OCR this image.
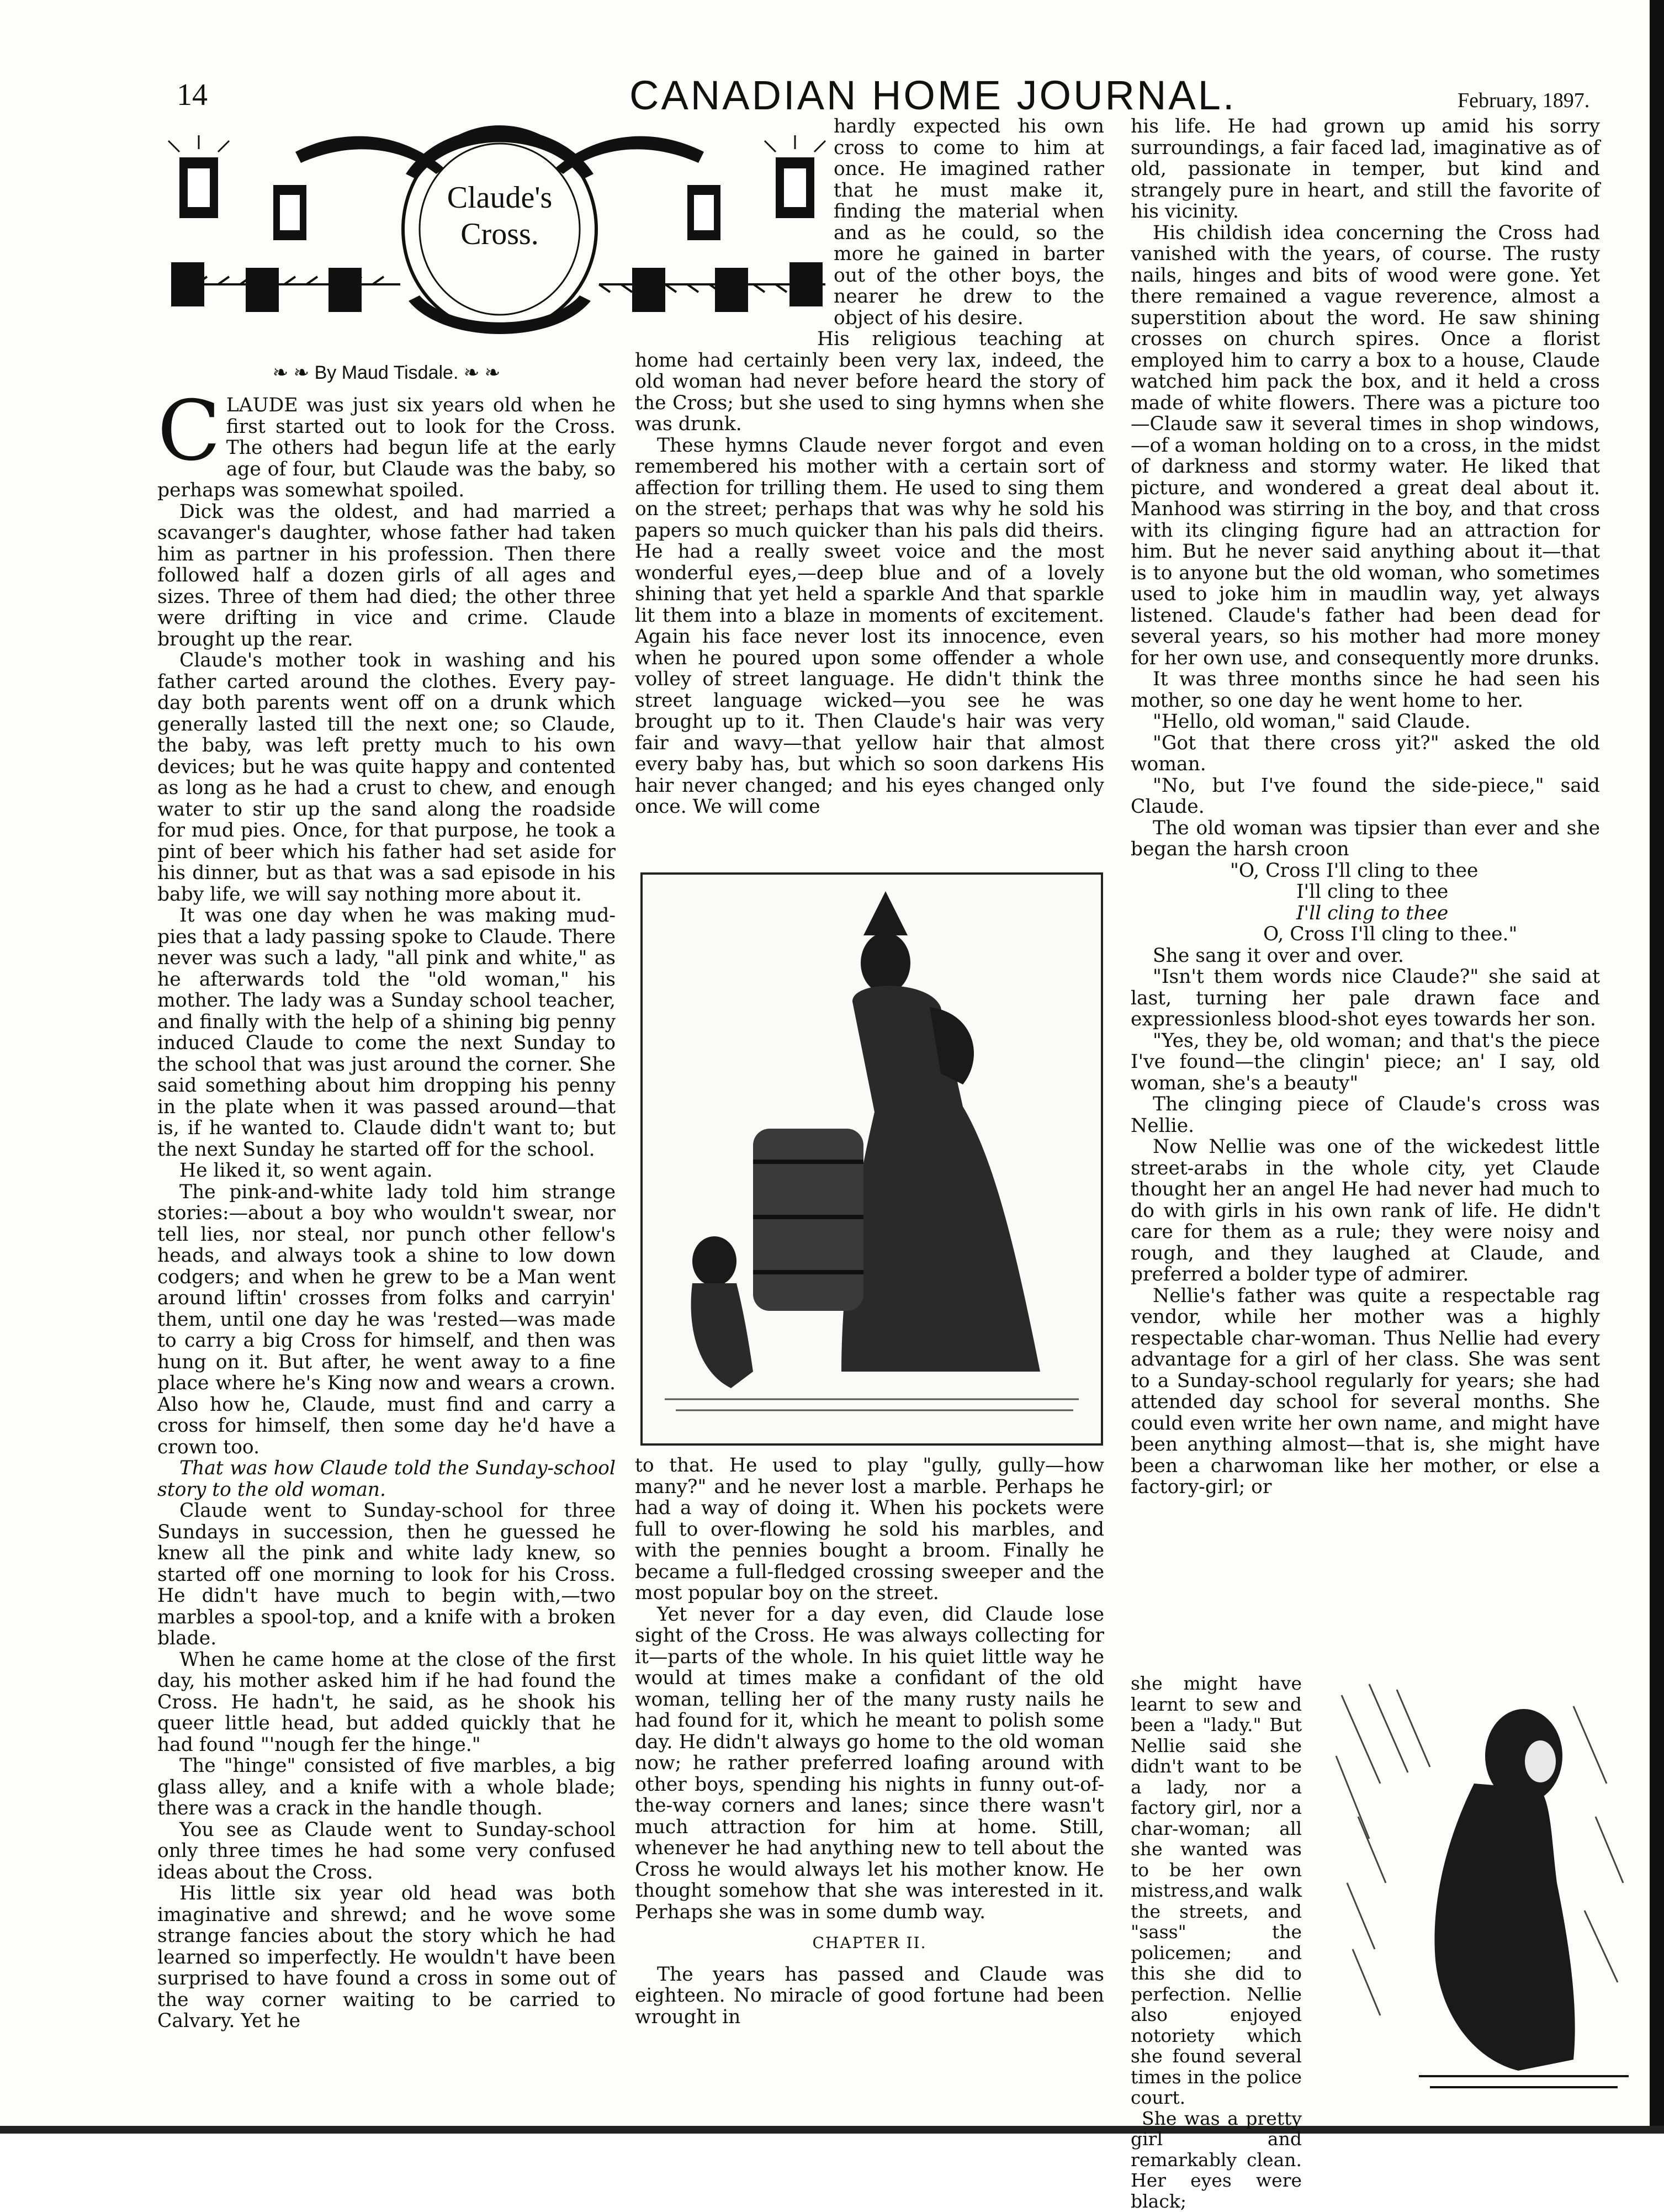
14	CANADIAN HOME JOURNAL.	February, 1897.
Claude's
Cross.
❧ ❧ By Maud Tisdale. ❧ ❧

CLAUDE was just six years old when he first started out to look for the Cross. The others had begun life at the early age of four, but Claude was the baby, so perhaps was somewhat spoiled.

Dick was the oldest, and had married a scavanger's daughter, whose father had taken him as partner in his profession. Then there followed half a dozen girls of all ages and sizes. Three of them had died; the other three were drifting in vice and crime. Claude brought up the rear.

Claude's mother took in washing and his father carted around the clothes. Every pay-day both parents went off on a drunk which generally lasted till the next one; so Claude, the baby, was left pretty much to his own devices; but he was quite happy and contented as long as he had a crust to chew, and enough water to stir up the sand along the roadside for mud pies. Once, for that purpose, he took a pint of beer which his father had set aside for his dinner, but as that was a sad episode in his baby life, we will say nothing more about it.

It was one day when he was making mud-pies that a lady passing spoke to Claude. There never was such a lady, "all pink and white," as he afterwards told the "old woman," his mother. The lady was a Sunday school teacher, and finally with the help of a shining big penny induced Claude to come the next Sunday to the school that was just around the corner. She said something about him dropping his penny in the plate when it was passed around—that is, if he wanted to. Claude didn't want to; but the next Sunday he started off for the school.

He liked it, so went again.

The pink-and-white lady told him strange stories:—about a boy who wouldn't swear, nor tell lies, nor steal, nor punch other fellow's heads, and always took a shine to low down codgers; and when he grew to be a Man went around liftin' crosses from folks and carryin' them, until one day he was 'rested—was made to carry a big Cross for himself, and then was hung on it. But after, he went away to a fine place where he's King now and wears a crown. Also how he, Claude, must find and carry a cross for himself, then some day he'd have a crown too.

That was how Claude told the Sunday-school story to the old woman.

Claude went to Sunday-school for three Sundays in succession, then he guessed he knew all the pink and white lady knew, so started off one morning to look for his Cross. He didn't have much to begin with,—two marbles a spool-top, and a knife with a broken blade.

When he came home at the close of the first day, his mother asked him if he had found the Cross. He hadn't, he said, as he shook his queer little head, but added quickly that he had found "'nough fer the hinge."

The "hinge" consisted of five marbles, a big glass alley, and a knife with a whole blade; there was a crack in the handle though.

You see as Claude went to Sunday-school only three times he had some very confused ideas about the Cross.

His little six year old head was both imaginative and shrewd; and he wove some strange fancies about the story which he had learned so imperfectly. He wouldn't have been surprised to have found a cross in some out of the way corner waiting to be carried to Calvary. Yet he

hardly expected his own cross to come to him at once. He imagined rather that he must make it, finding the material when and as he could, so the more he gained in barter out of the other boys, the nearer he drew to the object of his desire.

His religious teaching at home had certainly been very lax, indeed, the old woman had never before heard the story of the Cross; but she used to sing hymns when she was drunk.

These hymns Claude never forgot and even remembered his mother with a certain sort of affection for trilling them. He used to sing them on the street; perhaps that was why he sold his papers so much quicker than his pals did theirs. He had a really sweet voice and the most wonderful eyes,—deep blue and of a lovely shining that yet held a sparkle And that sparkle lit them into a blaze in moments of excitement. Again his face never lost its innocence, even when he poured upon some offender a whole volley of street language. He didn't think the street language wicked—you see he was brought up to it. Then Claude's hair was very fair and wavy—that yellow hair that almost every baby has, but which so soon darkens His hair never changed; and his eyes changed only once. We will come

to that. He used to play "gully, gully—how many?" and he never lost a marble. Perhaps he had a way of doing it. When his pockets were full to over-flowing he sold his marbles, and with the pennies bought a broom. Finally he became a full-fledged crossing sweeper and the most popular boy on the street.

Yet never for a day even, did Claude lose sight of the Cross. He was always collecting for it—parts of the whole. In his quiet little way he would at times make a confidant of the old woman, telling her of the many rusty nails he had found for it, which he meant to polish some day. He didn't always go home to the old woman now; he rather preferred loafing around with other boys, spending his nights in funny out-of-the-way corners and lanes; since there wasn't much attraction for him at home. Still, whenever he had anything new to tell about the Cross he would always let his mother know. He thought somehow that she was interested in it. Perhaps she was in some dumb way.

CHAPTER II.

The years has passed and Claude was eighteen. No miracle of good fortune had been wrought in

his life. He had grown up amid his sorry surroundings, a fair faced lad, imaginative as of old, passionate in temper, but kind and strangely pure in heart, and still the favorite of his vicinity.

His childish idea concerning the Cross had vanished with the years, of course. The rusty nails, hinges and bits of wood were gone. Yet there remained a vague reverence, almost a superstition about the word. He saw shining crosses on church spires. Once a florist employed him to carry a box to a house, Claude watched him pack the box, and it held a cross made of white flowers. There was a picture too—Claude saw it several times in shop windows,—of a woman holding on to a cross, in the midst of darkness and stormy water. He liked that picture, and wondered a great deal about it. Manhood was stirring in the boy, and that cross with its clinging figure had an attraction for him. But he never said anything about it—that is to anyone but the old woman, who sometimes used to joke him in maudlin way, yet always listened. Claude's father had been dead for several years, so his mother had more money for her own use, and consequently more drunks.

It was three months since he had seen his mother, so one day he went home to her.

"Hello, old woman," said Claude.

"Got that there cross yit?" asked the old woman.

"No, but I've found the side-piece," said Claude.

The old woman was tipsier than ever and she began the harsh croon

"O, Cross I'll cling to thee
I'll cling to thee
I'll cling to thee
O, Cross I'll cling to thee."

She sang it over and over.

"Isn't them words nice Claude?" she said at last, turning her pale drawn face and expressionless blood-shot eyes towards her son.

"Yes, they be, old woman; and that's the piece I've found—the clingin' piece; an' I say, old woman, she's a beauty"

The clinging piece of Claude's cross was Nellie.

Now Nellie was one of the wickedest little street-arabs in the whole city, yet Claude thought her an angel He had never had much to do with girls in his own rank of life. He didn't care for them as a rule; they were noisy and rough, and they laughed at Claude, and preferred a bolder type of admirer.

Nellie's father was quite a respectable rag vendor, while her mother was a highly respectable char-woman. Thus Nellie had every advantage for a girl of her class. She was sent to a Sunday-school regularly for years; she had attended day school for several months. She could even write her own name, and might have been anything almost—that is, she might have been a charwoman like her mother, or else a factory-girl; or

she might have learnt to sew and been a "lady." But Nellie said she didn't want to be a lady, nor a factory girl, nor a char-woman; all she wanted was to be her own mistress,and walk the streets, and "sass" the policemen; and this she did to perfection. Nellie also enjoyed notoriety which she found several times in the police court.

She was a pretty girl and remarkably clean. Her eyes were black;
